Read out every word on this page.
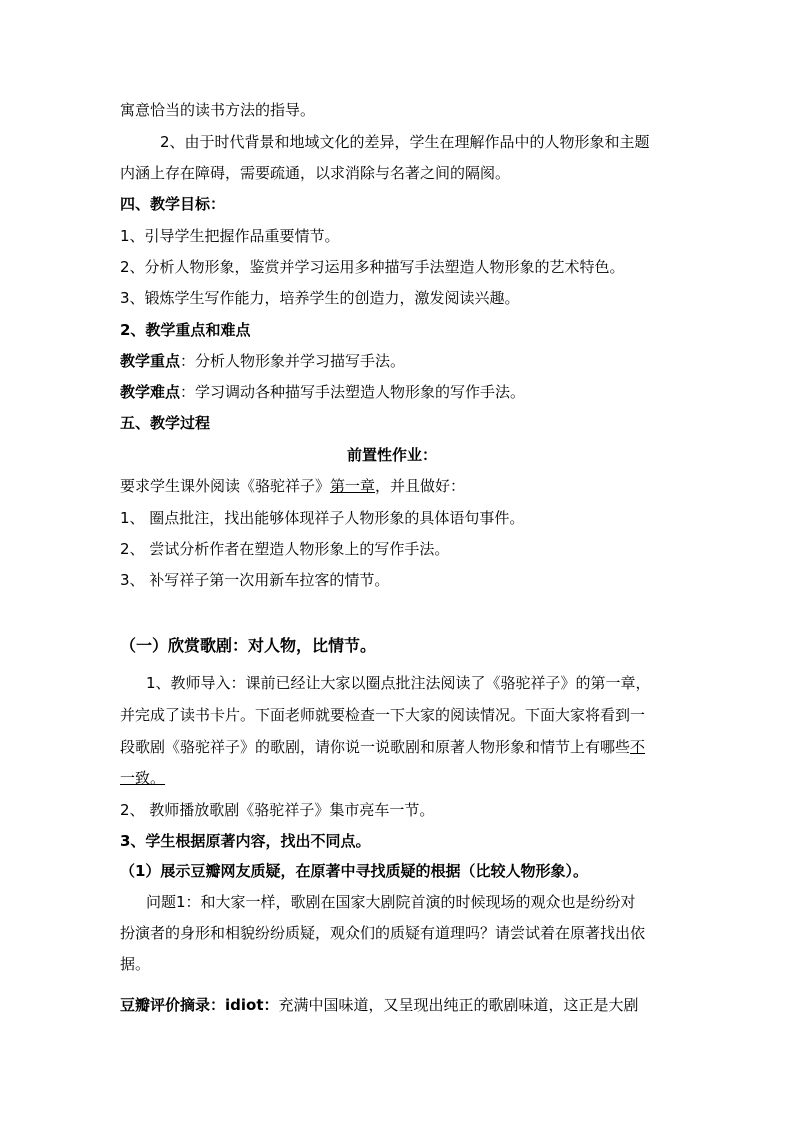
寓意恰当的读书方法的指导。
2、由于时代背景和地域文化的差异，学生在理解作品中的人物形象和主题
内涵上存在障碍，需要疏通，以求消除与名著之间的隔阂。
四、教学目标：
1、引导学生把握作品重要情节。
2、分析人物形象，鉴赏并学习运用多种描写手法塑造人物形象的艺术特色。
3、锻炼学生写作能力，培养学生的创造力，激发阅读兴趣。
2、教学重点和难点
教学重点：分析人物形象并学习描写手法。
教学难点：学习调动各种描写手法塑造人物形象的写作手法。
五、教学过程
前置性作业：
要求学生课外阅读《骆驼祥子》第一章，并且做好：
1、 圈点批注，找出能够体现祥子人物形象的具体语句事件。
2、 尝试分析作者在塑造人物形象上的写作手法。
3、 补写祥子第一次用新车拉客的情节。
（一）欣赏歌剧：对人物，比情节。
1、教师导入：课前已经让大家以圈点批注法阅读了《骆驼祥子》的第一章，
并完成了读书卡片。下面老师就要检查一下大家的阅读情况。下面大家将看到一
段歌剧《骆驼祥子》的歌剧，请你说一说歌剧和原著人物形象和情节上有哪些不
一致。
2、 教师播放歌剧《骆驼祥子》集市亮车一节。
3、学生根据原著内容，找出不同点。
（1）展示豆瓣网友质疑，在原著中寻找质疑的根据（比较人物形象）。
问题1：和大家一样，歌剧在国家大剧院首演的时候现场的观众也是纷纷对
扮演者的身形和相貌纷纷质疑，观众们的质疑有道理吗？请尝试着在原著找出依
据。
豆瓣评价摘录：idiot：充满中国味道，又呈现出纯正的歌剧味道，这正是大剧
